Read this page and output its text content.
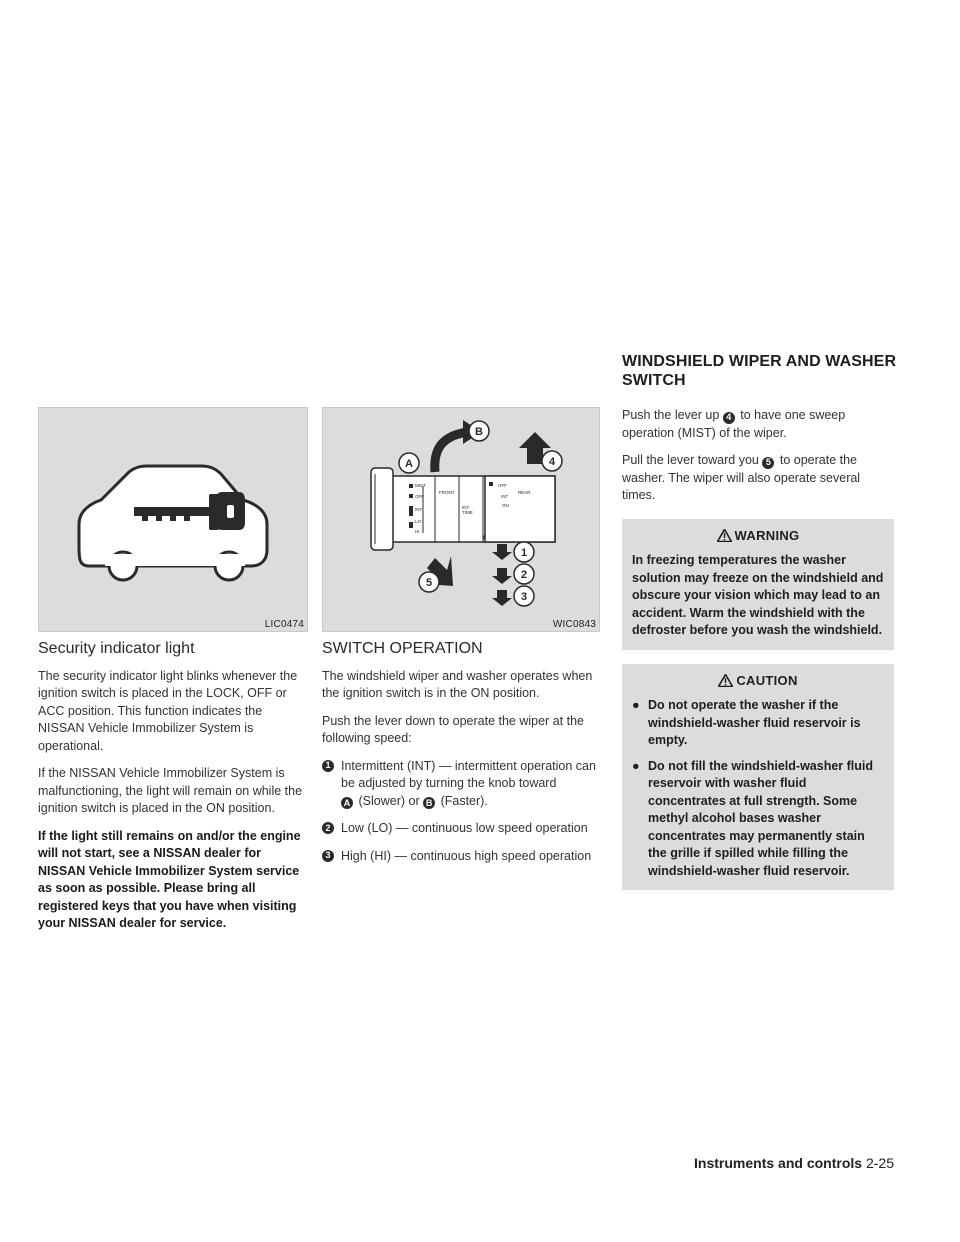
WINDSHIELD WIPER AND WASHER SWITCH
LIC0474
A
B
4
1
2
3
5
MIST
OFF
INT
LO
HI
FRONT
INT
TIME
OFF
INT
ON
REAR
WIC0843
Security indicator light

The security indicator light blinks whenever the ignition switch is placed in the LOCK, OFF or ACC position. This function indicates the NISSAN Vehicle Immobilizer System is operational.

If the NISSAN Vehicle Immobilizer System is malfunctioning, the light will remain on while the ignition switch is placed in the ON position.

If the light still remains on and/or the engine will not start, see a NISSAN dealer for NISSAN Vehicle Immobilizer System service as soon as possible. Please bring all registered keys that you have when visiting your NISSAN dealer for service.

SWITCH OPERATION

The windshield wiper and washer operates when the ignition switch is in the ON position.

Push the lever down to operate the wiper at the following speed:

1 Intermittent (INT) — intermittent operation can be adjusted by turning the knob toward
A (Slower) or B (Faster).
2 Low (LO) — continuous low speed operation
3 High (HI) — continuous high speed operation

Push the lever up 4 to have one sweep operation (MIST) of the wiper.

Pull the lever toward you 5 to operate the washer. The wiper will also operate several times.

WARNING
In freezing temperatures the washer solution may freeze on the windshield and obscure your vision which may lead to an accident. Warm the windshield with the defroster before you wash the windshield.
CAUTION
● Do not operate the washer if the windshield-washer fluid reservoir is empty.
● Do not fill the windshield-washer fluid reservoir with washer fluid concentrates at full strength. Some methyl alcohol bases washer concentrates may permanently stain the grille if spilled while filling the windshield-washer fluid reservoir.
Instruments and controls 2-25
